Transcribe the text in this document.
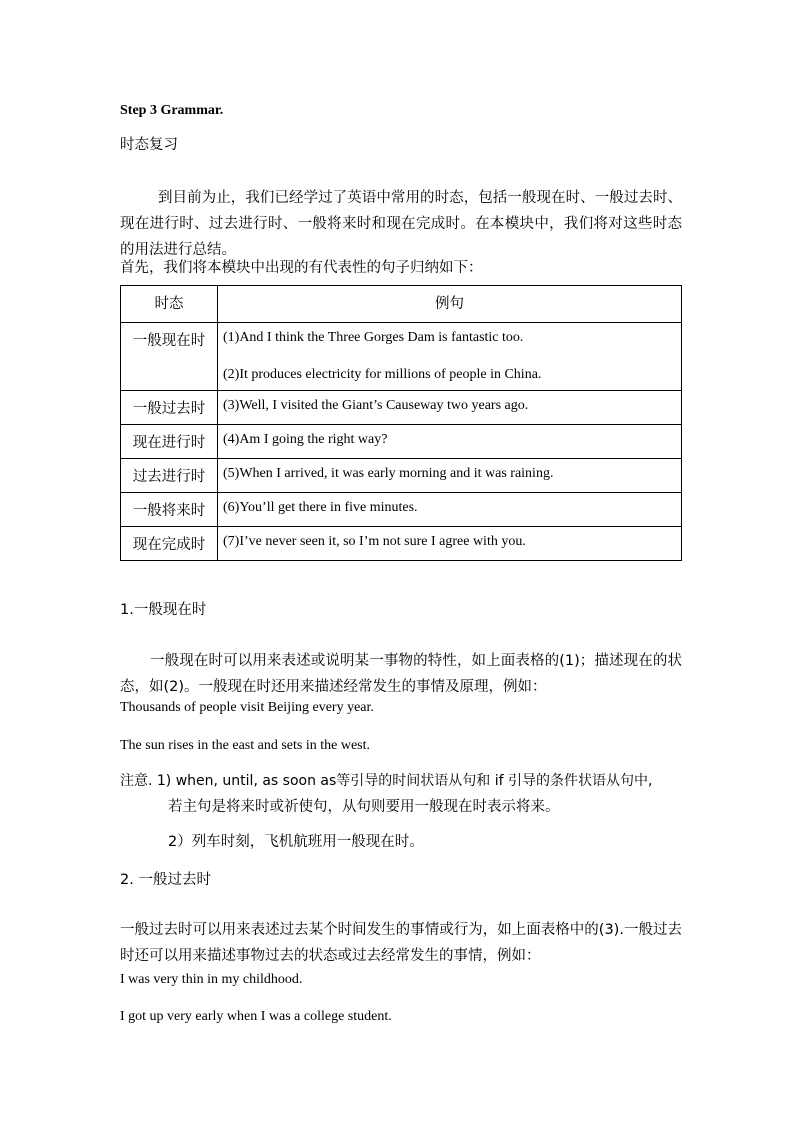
Step 3 Grammar.

时态复习

到目前为止，我们已经学过了英语中常用的时态，包括一般现在时、一般过去时、现在进行时、过去进行时、一般将来时和现在完成时。在本模块中，我们将对这些时态的用法进行总结。

首先，我们将本模块中出现的有代表性的句子归纳如下：

时态	例句
一般现在时	(1)And I think the Three Gorges Dam is fantastic too.
(2)It produces electricity for millions of people in China.

一般过去时	(3)Well, I visited the Giant’s Causeway two years ago.

现在进行时	(4)Am I going the right way?

过去进行时	(5)When I arrived, it was early morning and it was raining.

一般将来时	(6)You’ll get there in five minutes.

现在完成时	(7)I’ve never seen it, so I’m not sure I agree with you.

1.一般现在时

一般现在时可以用来表述或说明某一事物的特性，如上面表格的(1)；描述现在的状态，如(2)。一般现在时还用来描述经常发生的事情及原理，例如：

Thousands of people visit Beijing every year.

The sun rises in the east and sets in the west.

注意. 1) when, until, as soon as等引导的时间状语从句和 if 引导的条件状语从句中,

若主句是将来时或祈使句，从句则要用一般现在时表示将来。

2）列车时刻，飞机航班用一般现在时。

2. 一般过去时

一般过去时可以用来表述过去某个时间发生的事情或行为，如上面表格中的(3).一般过去时还可以用来描述事物过去的状态或过去经常发生的事情，例如：

I was very thin in my childhood.

I got up very early when I was a college student.
